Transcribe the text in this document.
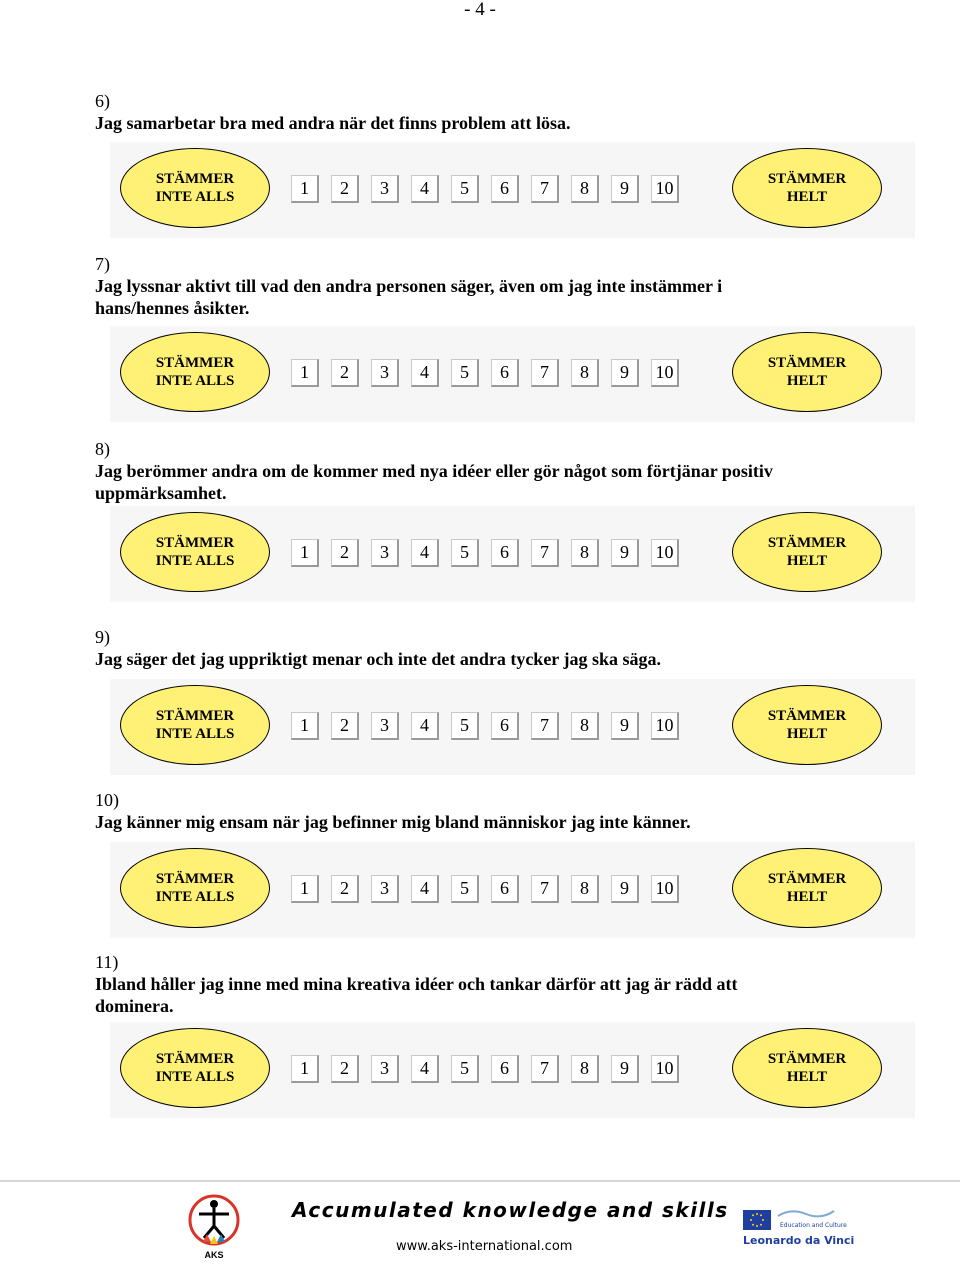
- 4 -
6)
Jag samarbetar bra med andra när det finns problem att lösa.
STÄMMER
INTE ALLS	1	2	3	4	5	6	7	8	9	10	STÄMMER
HELT
7)
Jag lyssnar aktivt till vad den andra personen säger, även om jag inte instämmer i
hans/hennes åsikter.
STÄMMER
INTE ALLS	1	2	3	4	5	6	7	8	9	10	STÄMMER
HELT
8)
Jag berömmer andra om de kommer med nya idéer eller gör något som förtjänar positiv
uppmärksamhet.
STÄMMER
INTE ALLS	1	2	3	4	5	6	7	8	9	10	STÄMMER
HELT
9)
Jag säger det jag uppriktigt menar och inte det andra tycker jag ska säga.
STÄMMER
INTE ALLS	1	2	3	4	5	6	7	8	9	10	STÄMMER
HELT
10)
Jag känner mig ensam när jag befinner mig bland människor jag inte känner.
STÄMMER
INTE ALLS	1	2	3	4	5	6	7	8	9	10	STÄMMER
HELT
11)
Ibland håller jag inne med mina kreativa idéer och tankar därför att jag är rädd att
dominera.
STÄMMER
INTE ALLS	1	2	3	4	5	6	7	8	9	10	STÄMMER
HELT
AKS
Accumulated knowledge and skills
www.aks-international.com
Education and Culture
Leonardo da Vinci
